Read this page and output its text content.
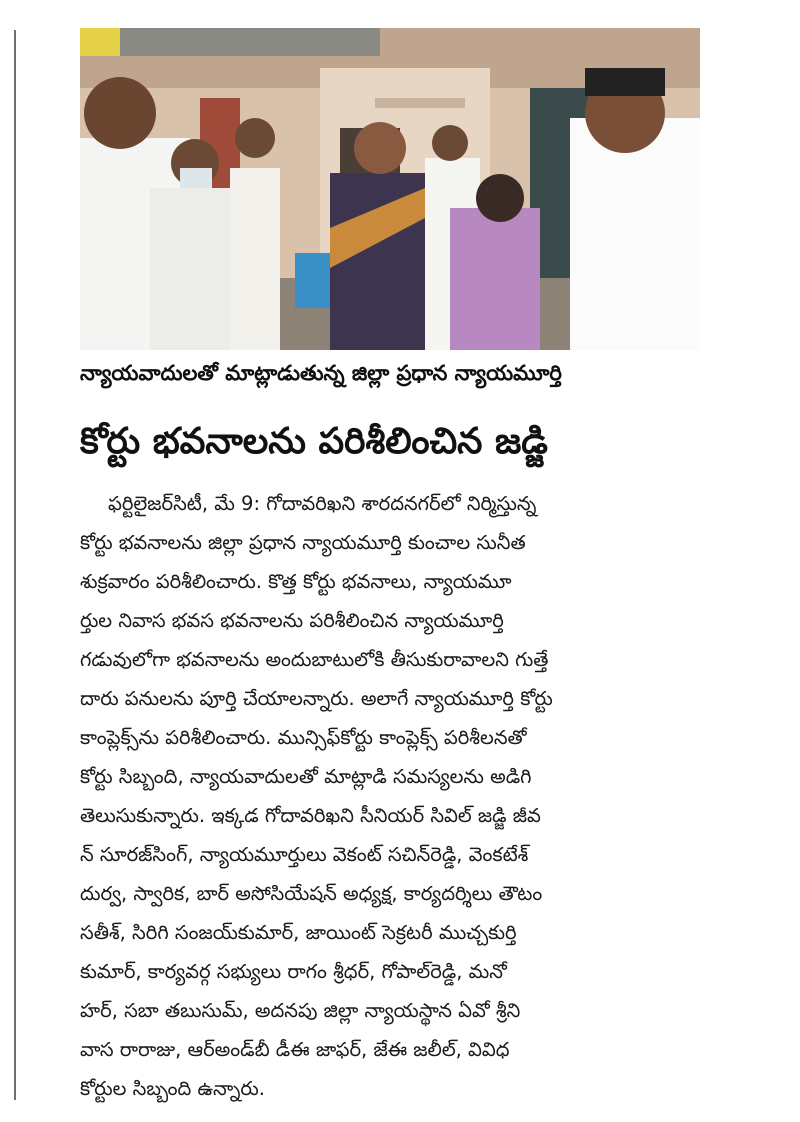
న్యాయవాదులతో మాట్లాడుతున్న జిల్లా ప్రధాన న్యాయమూర్తి
కోర్టు భవనాలను పరిశీలించిన జడ్జి
ఫర్టిలైజర్‌సిటీ, మే 9: గోదావరిఖని శారదనగర్‌లో నిర్మిస్తున్న
కోర్టు భవనాలను జిల్లా ప్రధాన న్యాయమూర్తి కుంచాల సునీత
శుక్రవారం పరిశీలించారు. కొత్త కోర్టు భవనాలు, న్యాయమూ
ర్తుల నివాస భవస భవనాలను పరిశీలించిన న్యాయమూర్తి
గడువులోగా భవనాలను అందుబాటులోకి తీసుకురావాలని గుత్తే
దారు పనులను పూర్తి చేయాలన్నారు. అలాగే న్యాయమూర్తి కోర్టు
కాంప్లెక్స్‌ను పరిశీలించారు. మున్సిఫ్‌కోర్టు కాంప్లెక్స్ పరిశీలనతో
కోర్టు సిబ్బంది, న్యాయవాదులతో మాట్లాడి సమస్యలను అడిగి
తెలుసుకున్నారు. ఇక్కడ గోదావరిఖని సీనియర్ సివిల్ జడ్జి జీవ
న్ సూరజ్‌సింగ్, న్యాయమూర్తులు వెకంట్ సచిన్‌రెడ్డి, వెంకటేశ్
దుర్వ, స్వారిక, బార్ అసోసియేషన్ అధ్యక్ష, కార్యదర్శిలు తౌటం
సతీశ్, సిరిగి సంజయ్‌కుమార్, జాయింట్ సెక్రటరీ ముచ్చకుర్తి
కుమార్, కార్యవర్గ సభ్యులు రాగం శ్రీధర్, గోపాల్‌రెడ్డి, మనో
హర్, సబా తబుసుమ్, అదనపు జిల్లా న్యాయస్థాన ఏవో శ్రీని
వాస రారాజు, ఆర్అండ్‌బీ డీఈ జాఫర్, జేఈ జలీల్, వివిధ
కోర్టుల సిబ్బంది ఉన్నారు.
